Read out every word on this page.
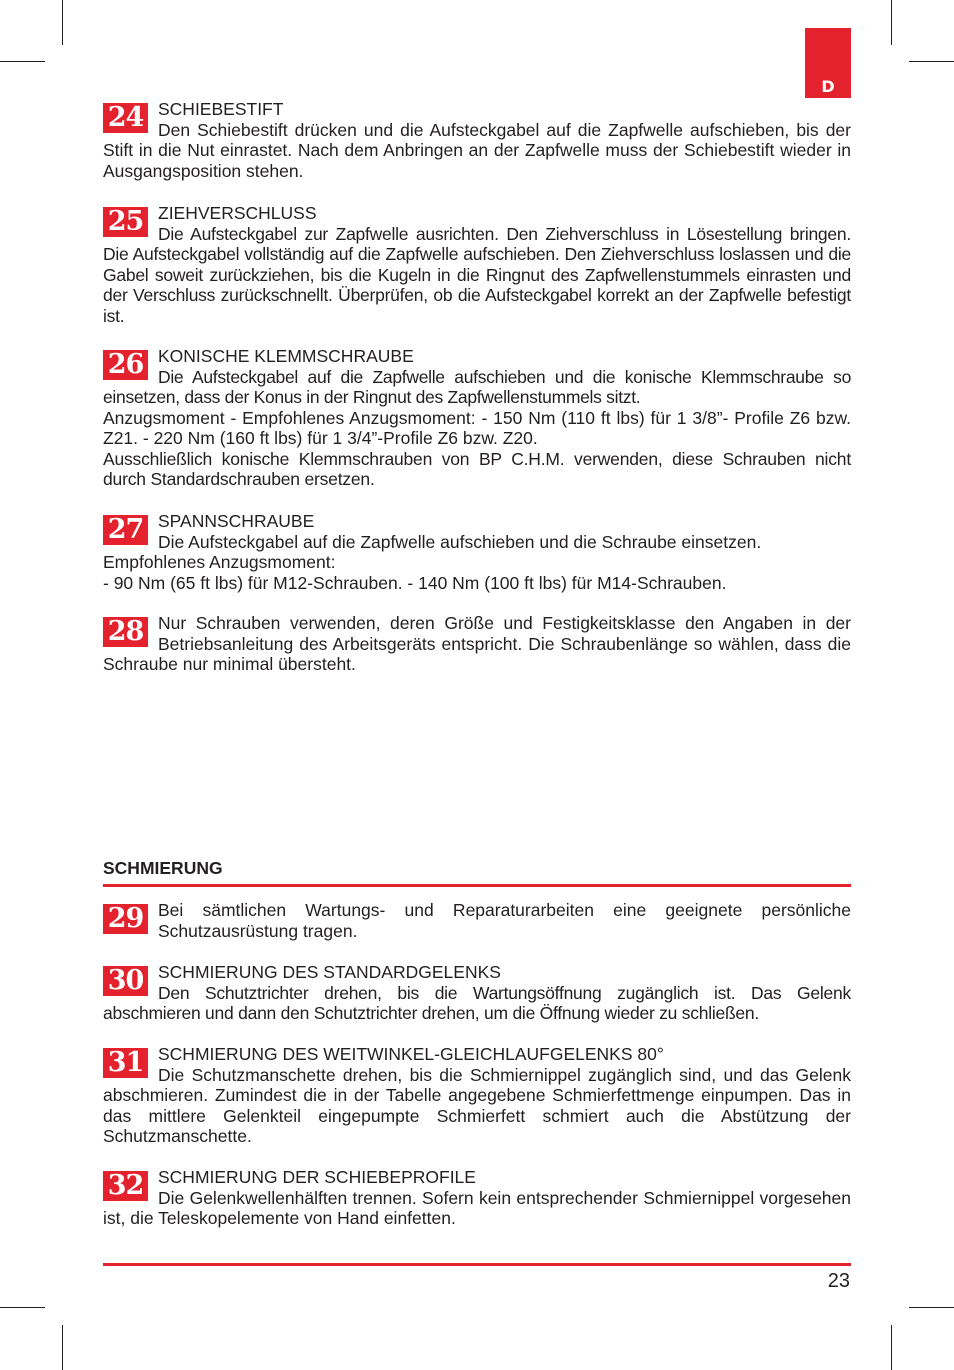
D
24 SCHIEBESTIFT
Den Schiebestift drücken und die Aufsteckgabel auf die Zapfwelle aufschieben, bis der Stift in die Nut einrastet. Nach dem Anbringen an der Zapfwelle muss der Schiebestift wieder in Ausgangsposition stehen.
25 ZIEHVERSCHLUSS
Die Aufsteckgabel zur Zapfwelle ausrichten. Den Ziehverschluss in Lösestellung bringen. Die Aufsteckgabel vollständig auf die Zapfwelle aufschieben. Den Ziehverschluss loslassen und die Gabel soweit zurückziehen, bis die Kugeln in die Ringnut des Zapfwellenstummels einrasten und der Verschluss zurückschnellt. Überprüfen, ob die Aufsteckgabel korrekt an der Zapfwelle befestigt ist.
26 KONISCHE KLEMMSCHRAUBE
Die Aufsteckgabel auf die Zapfwelle aufschieben und die konische Klemmschraube so einsetzen, dass der Konus in der Ringnut des Zapfwellenstummels sitzt.
Anzugsmoment - Empfohlenes Anzugsmoment: - 150 Nm (110 ft lbs) für 1 3/8”- Profile Z6 bzw. Z21. - 220 Nm (160 ft lbs) für 1 3/4”-Profile Z6 bzw. Z20.
Ausschließlich konische Klemmschrauben von BP C.H.M. verwenden, diese Schrauben nicht durch Standardschrauben ersetzen.
27 SPANNSCHRAUBE
Die Aufsteckgabel auf die Zapfwelle aufschieben und die Schraube einsetzen.
Empfohlenes Anzugsmoment:
- 90 Nm (65 ft lbs) für M12-Schrauben. - 140 Nm (100 ft lbs) für M14-Schrauben.
28 Nur Schrauben verwenden, deren Größe und Festigkeitsklasse den Angaben in der Betriebsanleitung des Arbeitsgeräts entspricht. Die Schraubenlänge so wählen, dass die Schraube nur minimal übersteht.
SCHMIERUNG
29 Bei sämtlichen Wartungs- und Reparaturarbeiten eine geeignete persönliche Schutzausrüstung tragen.
30 SCHMIERUNG DES STANDARDGELENKS
Den Schutztrichter drehen, bis die Wartungsöffnung zugänglich ist. Das Gelenk abschmieren und dann den Schutztrichter drehen, um die Öffnung wieder zu schließen.
31 SCHMIERUNG DES WEITWINKEL-GLEICHLAUFGELENKS 80°
Die Schutzmanschette drehen, bis die Schmiernippel zugänglich sind, und das Gelenk abschmieren. Zumindest die in der Tabelle angegebene Schmierfettmenge einpumpen. Das in das mittlere Gelenkteil eingepumpte Schmierfett schmiert auch die Abstützung der Schutzmanschette.
32 SCHMIERUNG DER SCHIEBEPROFILE
Die Gelenkwellenhälften trennen. Sofern kein entsprechender Schmiernippel vorgesehen ist, die Teleskopelemente von Hand einfetten.
23
